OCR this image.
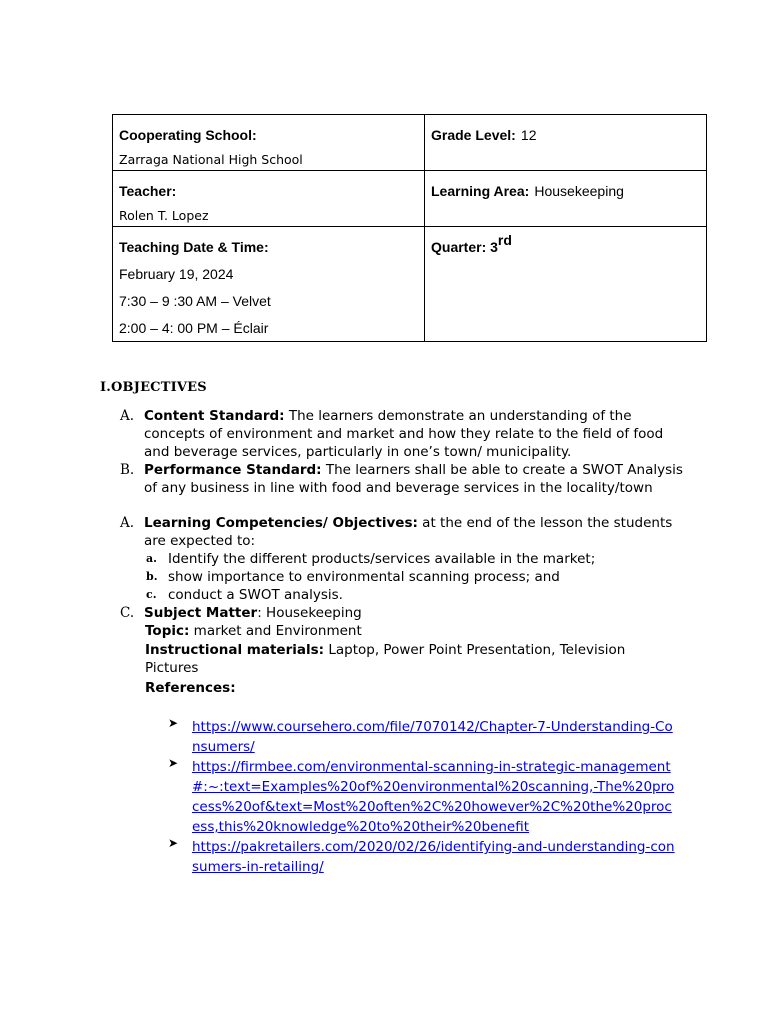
Cooperating School:
Zarraga National High School	Grade Level: 12

Teacher:
Rolen T. Lopez	Learning Area: Housekeeping

Teaching Date & Time:
February 19, 2024
7:30 – 9 :30 AM – Velvet
2:00 – 4: 00 PM – Éclair	Quarter: 3rd
I.OBJECTIVES
A. Content Standard: The learners demonstrate an understanding of the concepts of environment and market and how they relate to the field of food and beverage services, particularly in one’s town/ municipality.
B. Performance Standard: The learners shall be able to create a SWOT Analysis of any business in line with food and beverage services in the locality/town
A. Learning Competencies/ Objectives: at the end of the lesson the students are expected to:
a. Identify the different products/services available in the market;
b. show importance to environmental scanning process; and
c. conduct a SWOT analysis.
C. Subject Matter: Housekeeping
Topic: market and Environment
Instructional materials: Laptop, Power Point Presentation, Television Pictures
References:
➤ https://www.coursehero.com/file/7070142/Chapter-7-Understanding-Consumers/
➤ https://firmbee.com/environmental-scanning-in-strategic-management#:~:text=Examples%20of%20environmental%20scanning,-The%20process%20of&text=Most%20often%2C%20however%2C%20the%20process,this%20knowledge%20to%20their%20benefit
➤ https://pakretailers.com/2020/02/26/identifying-and-understanding-consumers-in-retailing/
